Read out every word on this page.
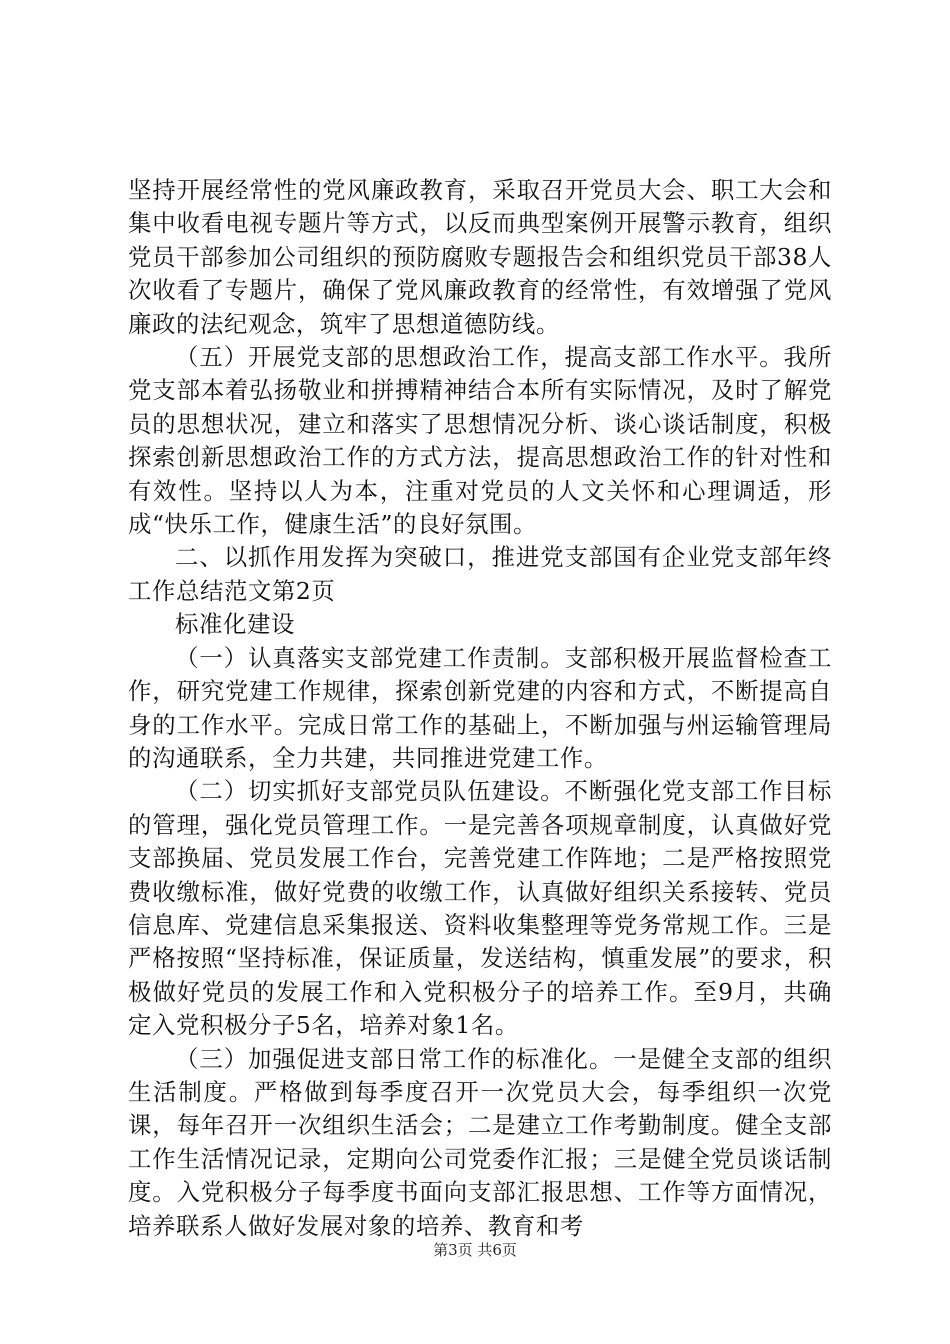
坚持开展经常性的党风廉政教育，采取召开党员大会、职工大会和集中收看电视专题片等方式，以反而典型案例开展警示教育，组织党员干部参加公司组织的预防腐败专题报告会和组织党员干部38人次收看了专题片，确保了党风廉政教育的经常性，有效增强了党风廉政的法纪观念，筑牢了思想道德防线。

（五）开展党支部的思想政治工作，提高支部工作水平。我所党支部本着弘扬敬业和拼搏精神结合本所有实际情况，及时了解党员的思想状况，建立和落实了思想情况分析、谈心谈话制度，积极探索创新思想政治工作的方式方法，提高思想政治工作的针对性和有效性。坚持以人为本，注重对党员的人文关怀和心理调适，形成“快乐工作，健康生活”的良好氛围。

二、以抓作用发挥为突破口，推进党支部国有企业党支部年终工作总结范文第2页

标准化建设

（一）认真落实支部党建工作责制。支部积极开展监督检查工作，研究党建工作规律，探索创新党建的内容和方式，不断提高自身的工作水平。完成日常工作的基础上，不断加强与州运输管理局的沟通联系，全力共建，共同推进党建工作。

（二）切实抓好支部党员队伍建设。不断强化党支部工作目标的管理，强化党员管理工作。一是完善各项规章制度，认真做好党支部换届、党员发展工作台，完善党建工作阵地；二是严格按照党费收缴标准，做好党费的收缴工作，认真做好组织关系接转、党员信息库、党建信息采集报送、资料收集整理等党务常规工作。三是严格按照“坚持标准，保证质量，发送结构，慎重发展”的要求，积极做好党员的发展工作和入党积极分子的培养工作。至9月，共确定入党积极分子5名，培养对象1名。

（三）加强促进支部日常工作的标准化。一是健全支部的组织生活制度。严格做到每季度召开一次党员大会，每季组织一次党课，每年召开一次组织生活会；二是建立工作考勤制度。健全支部工作生活情况记录，定期向公司党委作汇报；三是健全党员谈话制度。入党积极分子每季度书面向支部汇报思想、工作等方面情况，培养联系人做好发展对象的培养、教育和考

第3页 共6页
